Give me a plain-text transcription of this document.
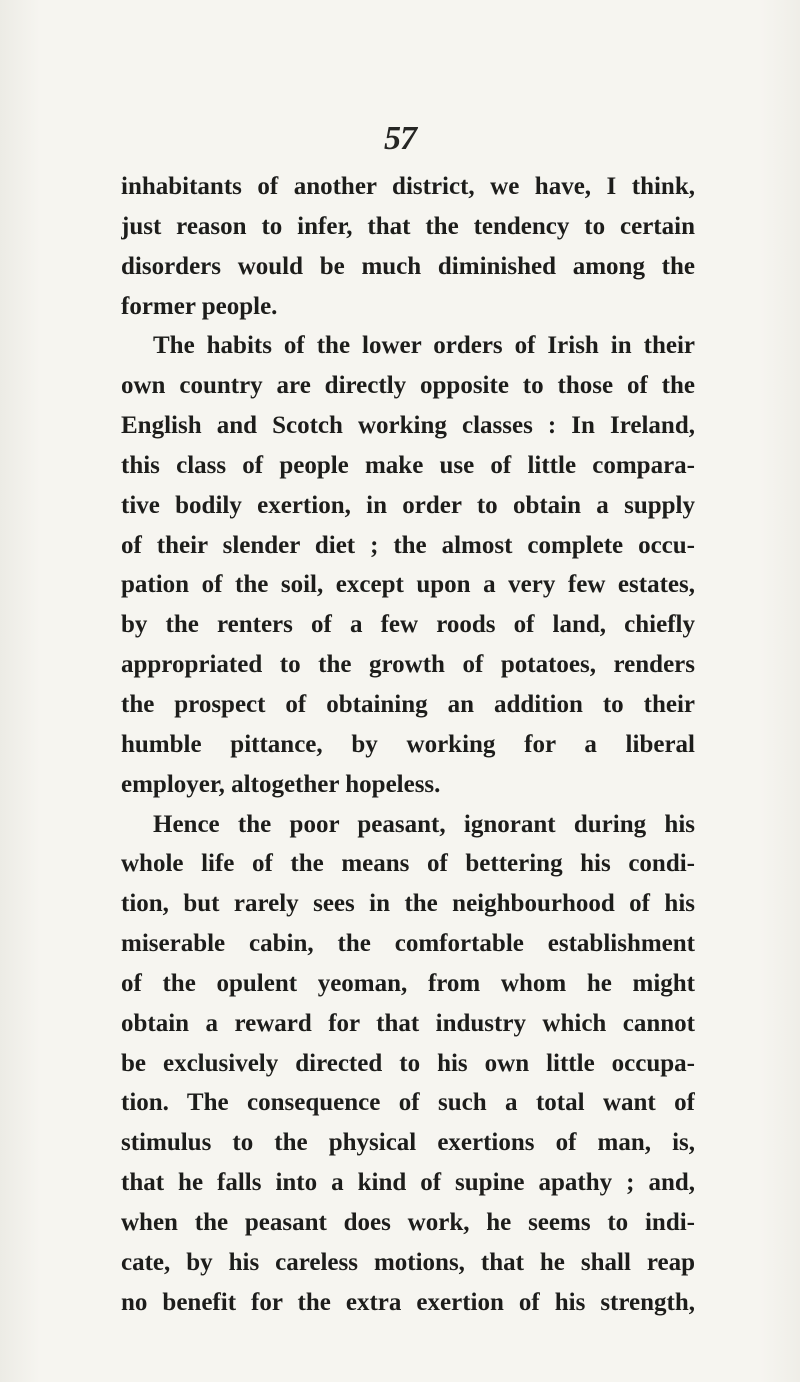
57
inhabitants of another district, we have, I think,
just reason to infer, that the tendency to certain
disorders would be much diminished among the
former people.
The habits of the lower orders of Irish in their
own country are directly opposite to those of the
English and Scotch working classes : In Ireland,
this class of people make use of little compara-
tive bodily exertion, in order to obtain a supply
of their slender diet ; the almost complete occu-
pation of the soil, except upon a very few estates,
by the renters of a few roods of land, chiefly
appropriated to the growth of potatoes, renders
the prospect of obtaining an addition to their
humble pittance, by working for a liberal
employer, altogether hopeless.
Hence the poor peasant, ignorant during his
whole life of the means of bettering his condi-
tion, but rarely sees in the neighbourhood of his
miserable cabin, the comfortable establishment
of the opulent yeoman, from whom he might
obtain a reward for that industry which cannot
be exclusively directed to his own little occupa-
tion. The consequence of such a total want of
stimulus to the physical exertions of man, is,
that he falls into a kind of supine apathy ; and,
when the peasant does work, he seems to indi-
cate, by his careless motions, that he shall reap
no benefit for the extra exertion of his strength,
